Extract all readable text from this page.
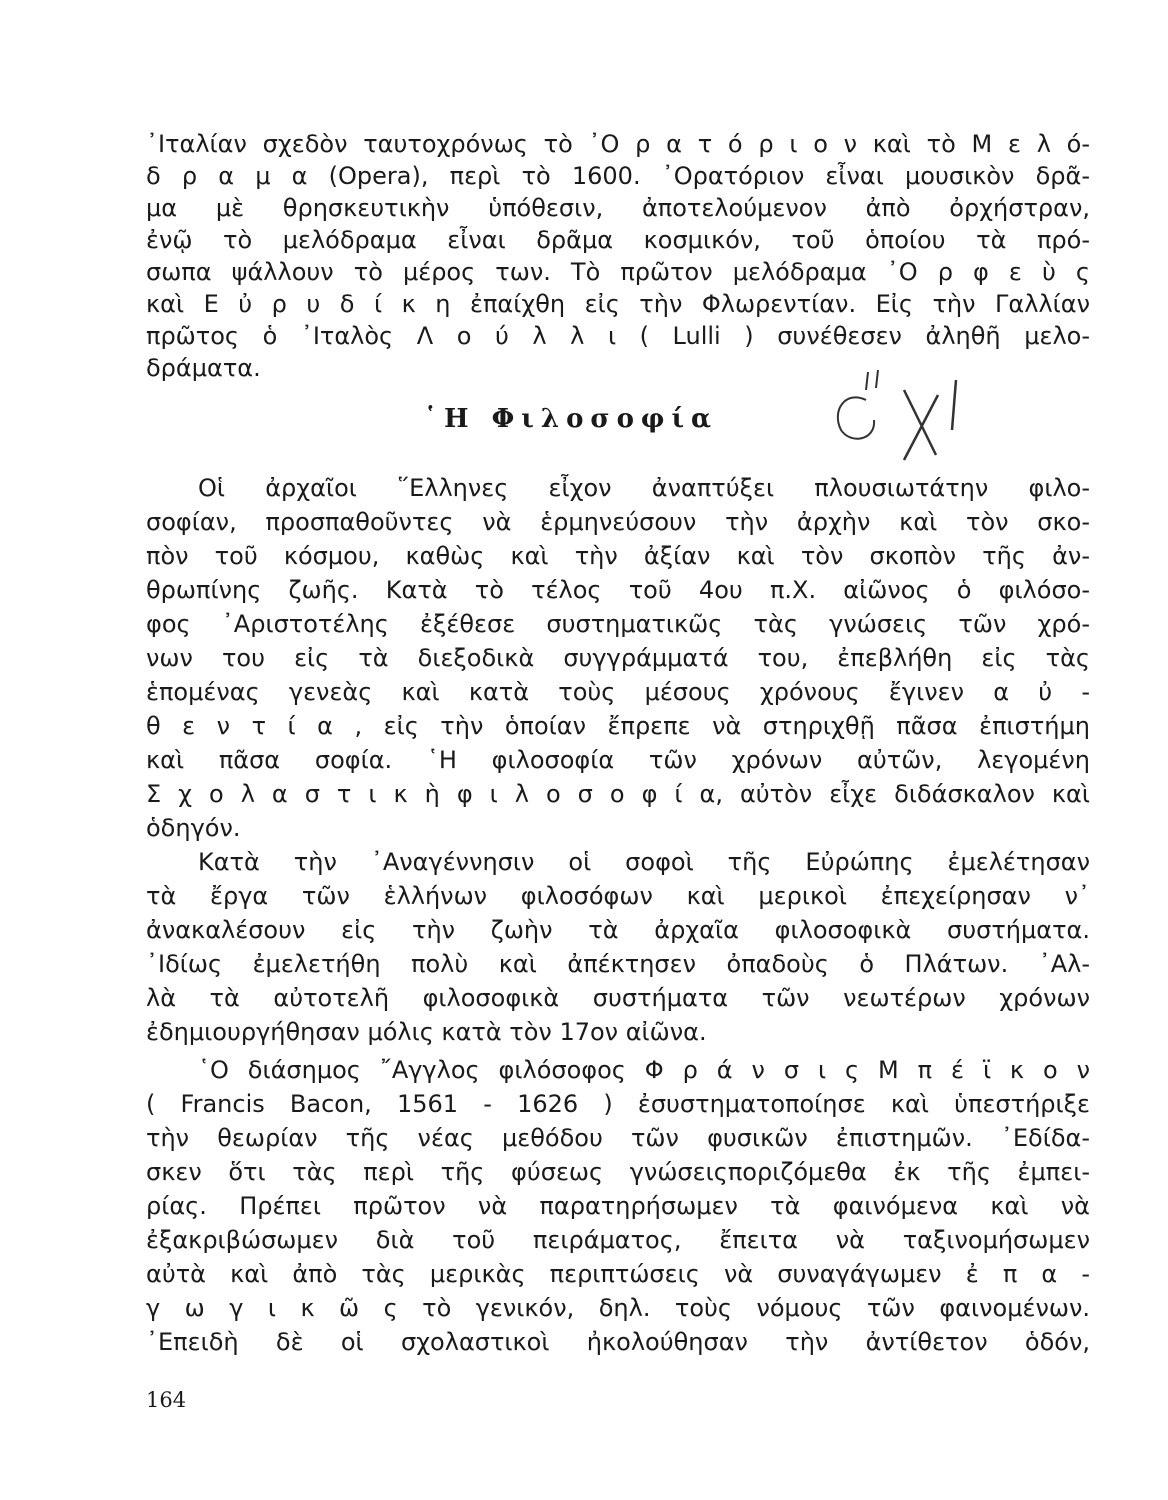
᾿Ιταλίαν σχεδὸν ταυτοχρόνως τὸ ᾿Ο ρ α τ ό ρ ι ο ν καὶ τὸ Μ ε λ ό-
δ ρ α μ α (Opera), περὶ τὸ 1600. ᾿Ορατόριον εἶναι μουσικὸν δρᾶ-
μα μὲ θρησκευτικὴν ὑπόθεσιν, ἀποτελούμενον ἀπὸ ὀρχήστραν,
ἐνῷ τὸ μελόδραμα εἶναι δρᾶμα κοσμικόν, τοῦ ὁποίου τὰ πρό-
σωπα ψάλλουν τὸ μέρος των. Τὸ πρῶτον μελόδραμα ᾿Ο ρ φ ε ὺ ς
καὶ Ε ὐ ρ υ δ ί κ η ἐπαίχθη εἰς τὴν Φλωρεντίαν. Εἰς τὴν Γαλλίαν
πρῶτος ὁ ᾿Ιταλὸς Λ ο ύ λ λ ι ( Lulli ) συνέθεσεν ἀληθῆ μελο-
δράματα.
῾Η Φιλοσοφία
Οἱ ἀρχαῖοι ῞Ελληνες εἶχον ἀναπτύξει πλουσιωτάτην φιλο-
σοφίαν, προσπαθοῦντες νὰ ἑρμηνεύσουν τὴν ἀρχὴν καὶ τὸν σκο-
πὸν τοῦ κόσμου, καθὼς καὶ τὴν ἀξίαν καὶ τὸν σκοπὸν τῆς ἀν-
θρωπίνης ζωῆς. Κατὰ τὸ τέλος τοῦ 4ου π.Χ. αἰῶνος ὁ φιλόσο-
φος ᾿Αριστοτέλης ἐξέθεσε συστηματικῶς τὰς γνώσεις τῶν χρό-
νων του εἰς τὰ διεξοδικὰ συγγράμματά του, ἐπεβλήθη εἰς τὰς
ἑπομένας γενεὰς καὶ κατὰ τοὺς μέσους χρόνους ἔγινεν α ὐ -
θ ε ν τ ί α , εἰς τὴν ὁποίαν ἔπρεπε νὰ στηριχθῇ πᾶσα ἐπιστήμη
καὶ πᾶσα σοφία. ῾Η φιλοσοφία τῶν χρόνων αὐτῶν, λεγομένη
Σ χ ο λ α σ τ ι κ ὴ φ ι λ ο σ ο φ ί α, αὐτὸν εἶχε διδάσκαλον καὶ
ὁδηγόν.
Κατὰ τὴν ᾿Αναγέννησιν οἱ σοφοὶ τῆς Εὐρώπης ἐμελέτησαν
τὰ ἔργα τῶν ἑλλήνων φιλοσόφων καὶ μερικοὶ ἐπεχείρησαν ν᾿
ἀνακαλέσουν εἰς τὴν ζωὴν τὰ ἀρχαῖα φιλοσοφικὰ συστήματα.
᾿Ιδίως ἐμελετήθη πολὺ καὶ ἀπέκτησεν ὀπαδοὺς ὁ Πλάτων. ᾿Αλ-
λὰ τὰ αὐτοτελῆ φιλοσοφικὰ συστήματα τῶν νεωτέρων χρόνων
ἐδημιουργήθησαν μόλις κατὰ τὸν 17ον αἰῶνα.
῾Ο διάσημος ῎Αγγλος φιλόσοφος Φ ρ ά ν σ ι ς Μ π έ ϊ κ ο ν
( Francis Bacon, 1561 - 1626 ) ἐσυστηματοποίησε καὶ ὑπεστήριξε
τὴν θεωρίαν τῆς νέας μεθόδου τῶν φυσικῶν ἐπιστημῶν. ᾿Εδίδα-
σκεν ὅτι τὰς περὶ τῆς φύσεως γνώσειςποριζόμεθα ἐκ τῆς ἐμπει-
ρίας. Πρέπει πρῶτον νὰ παρατηρήσωμεν τὰ φαινόμενα καὶ νὰ
ἐξακριβώσωμεν διὰ τοῦ πειράματος, ἔπειτα νὰ ταξινομήσωμεν
αὐτὰ καὶ ἀπὸ τὰς μερικὰς περιπτώσεις νὰ συναγάγωμεν ἐ π α -
γ ω γ ι κ ῶ ς τὸ γενικόν, δηλ. τοὺς νόμους τῶν φαινομένων.
᾿Επειδὴ δὲ οἱ σχολαστικοὶ ἠκολούθησαν τὴν ἀντίθετον ὁδόν,
164
